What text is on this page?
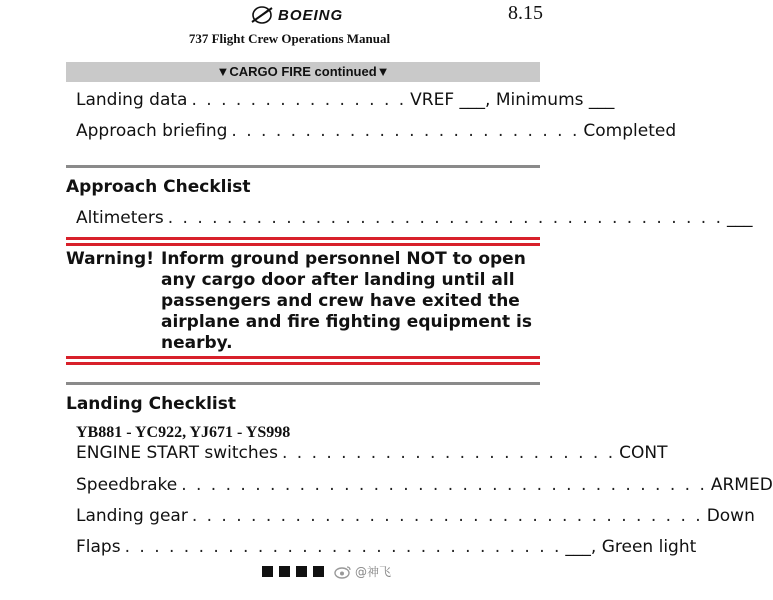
BOEING	8.15
737 Flight Crew Operations Manual
▼CARGO FIRE continued▼
Landing data . . . . . . . . . . . . . . . VREF ___, Minimums ___
Approach briefing . . . . . . . . . . . . . . . . . . . . . . . . Completed
Approach Checklist
Altimeters . . . . . . . . . . . . . . . . . . . . . . . . . . . . . . . . . . . . . . ___
Warning! Inform ground personnel NOT to open any cargo door after landing until all passengers and crew have exited the airplane and fire fighting equipment is nearby.
Landing Checklist
YB881 - YC922, YJ671 - YS998
ENGINE START switches . . . . . . . . . . . . . . . . . . . . . . . CONT
Speedbrake . . . . . . . . . . . . . . . . . . . . . . . . . . . . . . . . . . . . ARMED
Landing gear . . . . . . . . . . . . . . . . . . . . . . . . . . . . . . . . . . . Down
Flaps . . . . . . . . . . . . . . . . . . . . . . . . . . . . . . ___, Green light
@神飞
